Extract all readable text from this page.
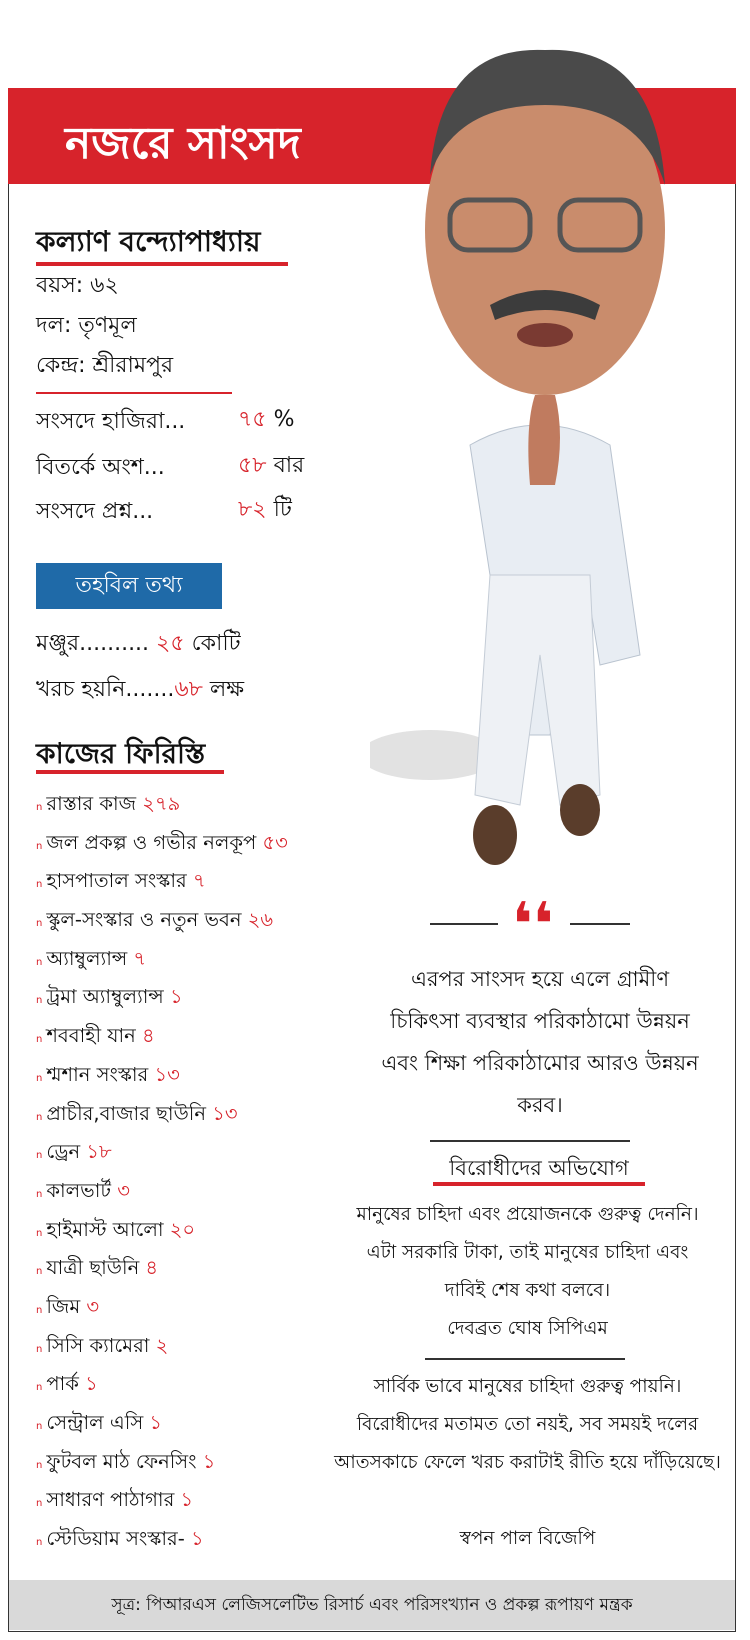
নজরে সাংসদ
কল্যাণ বন্দ্যোপাধ্যায়
বয়স: ৬২
দল: তৃণমূল
কেন্দ্র: শ্রীরামপুর
সংসদে হাজিরা... ৭৫ %
বিতর্কে অংশ...	৫৮ বার
সংসদে প্রশ্ন...	৮২ টি
তহবিল তথ্য
মঞ্জুর.......... ২৫ কোটি
খরচ হয়নি.......৬৮ লক্ষ
কাজের ফিরিস্তি
n রাস্তার কাজ ২৭৯
n জল প্রকল্প ও গভীর নলকূপ ৫৩
n হাসপাতাল সংস্কার ৭
n স্কুল-সংস্কার ও নতুন ভবন ২৬
n অ্যাম্বুল্যান্স ৭
n ট্রমা অ্যাম্বুল্যান্স ১
n শববাহী যান ৪
n শ্মশান সংস্কার ১৩
n প্রাচীর,বাজার ছাউনি ১৩
n ড্রেন ১৮
n কালভার্ট ৩
n হাইমাস্ট আলো ২০
n যাত্রী ছাউনি ৪
n জিম ৩
n সিসি ক্যামেরা ২
n পার্ক ১
n সেন্ট্রাল এসি ১
n ফুটবল মাঠ ফেনসিং ১
n সাধারণ পাঠাগার ১
n স্টেডিয়াম সংস্কার- ১
❛❛
এরপর সাংসদ হয়ে এলে গ্রামীণ চিকিৎসা ব্যবস্থার পরিকাঠামো উন্নয়ন এবং শিক্ষা পরিকাঠামোর আরও উন্নয়ন করব।
বিরোধীদের অভিযোগ
মানুষের চাহিদা এবং প্রয়োজনকে গুরুত্ব দেননি। এটা সরকারি টাকা, তাই মানুষের চাহিদা এবং দাবিই শেষ কথা বলবে।
দেবব্রত ঘোষ সিপিএম
সার্বিক ভাবে মানুষের চাহিদা গুরুত্ব পায়নি। বিরোধীদের মতামত তো নয়ই, সব সময়ই দলের আতসকাচে ফেলে খরচ করাটাই রীতি হয়ে দাঁড়িয়েছে।
স্বপন পাল বিজেপি
সূত্র: পিআরএস লেজিসলেটিভ রিসার্চ এবং পরিসংখ্যান ও প্রকল্প রূপায়ণ মন্ত্রক
